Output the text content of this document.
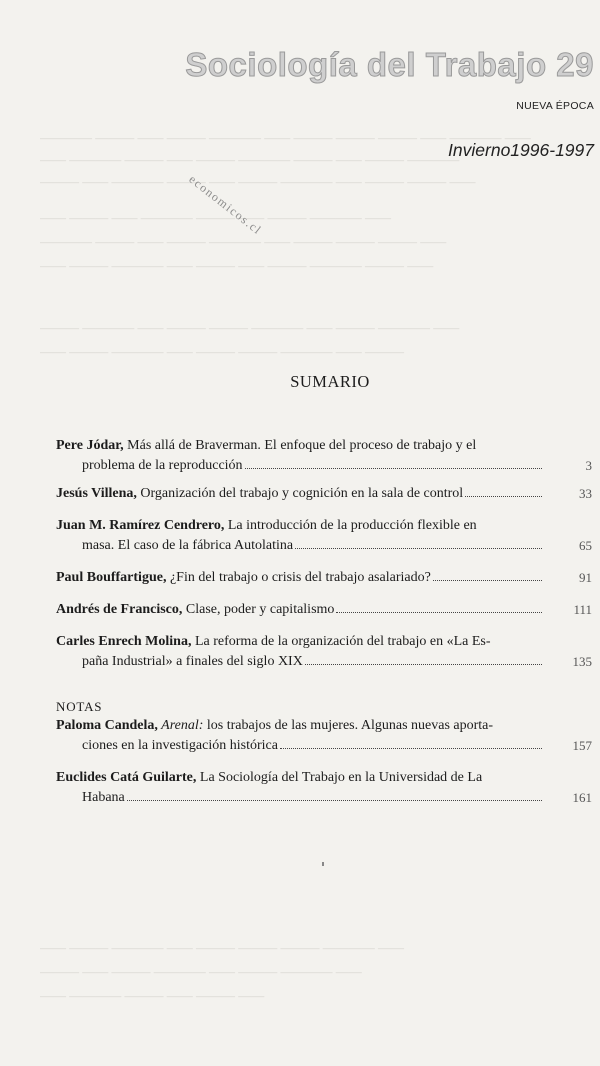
———— ——— —— ——— ———— —— ——— ——— ——— —— ———— ——
—— ———— ——— —— ——— ———— ——— —— ——— ————
——— —— ———— ——— —— ——— ———— —— ——— ——— ——
—— ——— —— ———— ——— —— ——— ———— ——
———— ——— —— ——— ———— —— ——— ——— ——— ——
—— ——— ———— —— ——— —— ——— ———— ——— ——
——— ———— —— ——— ——— ———— —— ——— ———— ——
—— ——— ———— —— ——— ——— ———— —— ———
—— ——— ———— —— ——— ——— ——— ———— ——
——— —— ——— ———— —— ——— ———— ——
—— ———— ——— —— ——— ——
Sociología del Trabajo 29
NUEVA ÉPOCA
Invierno1996-1997
economicos.cl
SUMARIO
Pere Jódar, Más allá de Braverman. El enfoque del proceso de trabajo y el
problema de la reproducción	3
Jesús Villena, Organización del trabajo y cognición en la sala de control	33
Juan M. Ramírez Cendrero, La introducción de la producción flexible en
masa. El caso de la fábrica Autolatina	65
Paul Bouffartigue, ¿Fin del trabajo o crisis del trabajo asalariado?	91
Andrés de Francisco, Clase, poder y capitalismo	111
Carles Enrech Molina, La reforma de la organización del trabajo en «La Es-
paña Industrial» a finales del siglo XIX	135
NOTAS
Paloma Candela, Arenal: los trabajos de las mujeres. Algunas nuevas aporta-
ciones en la investigación histórica	157
Euclides Catá Guilarte, La Sociología del Trabajo en la Universidad de La
Habana	161
